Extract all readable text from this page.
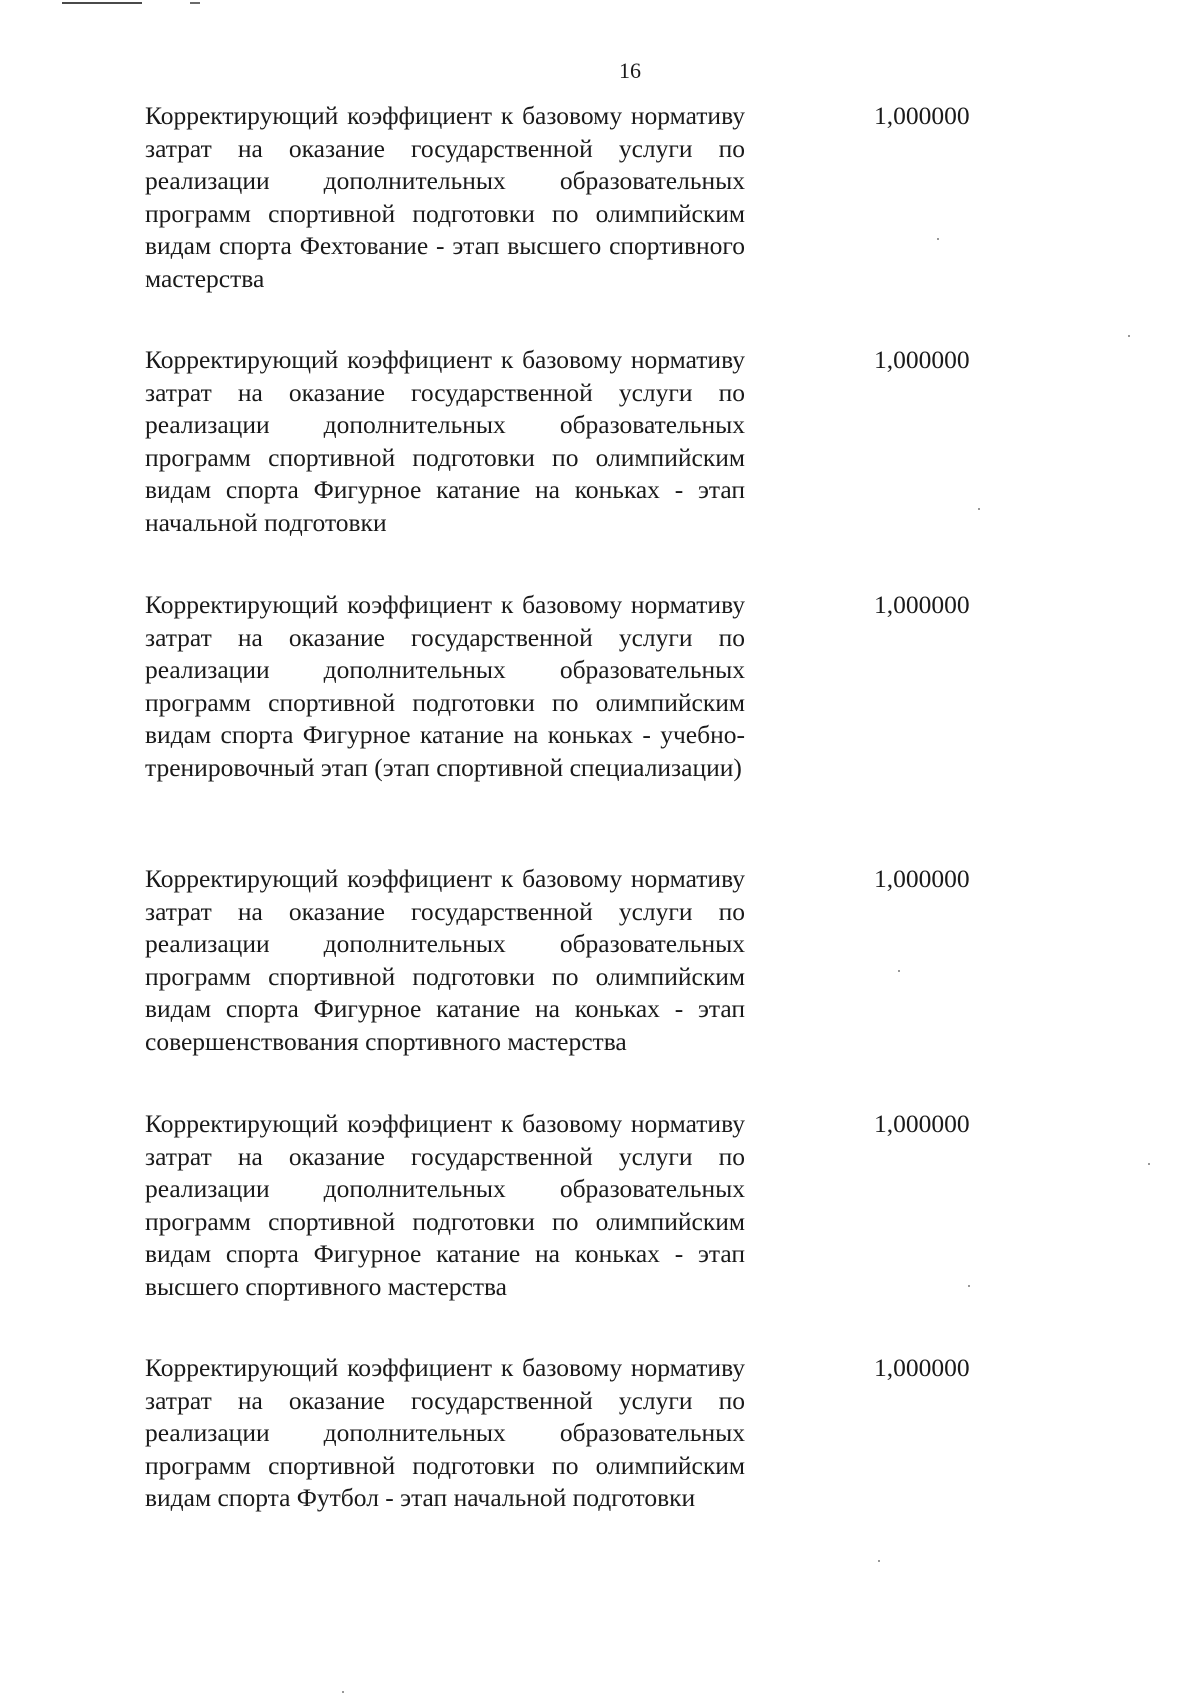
16
Корректирующий коэффициент к базовому нормативу затрат на оказание государственной услуги по реализации дополнительных образовательных программ спортивной подготовки по олимпийским видам спорта Фехтование - этап высшего спортивного мастерства
1,000000
Корректирующий коэффициент к базовому нормативу затрат на оказание государственной услуги по реализации дополнительных образовательных программ спортивной подготовки по олимпийским видам спорта Фигурное катание на коньках - этап начальной подготовки
1,000000
Корректирующий коэффициент к базовому нормативу затрат на оказание государственной услуги по реализации дополнительных образовательных программ спортивной подготовки по олимпийским видам спорта Фигурное катание на коньках - учебно-тренировочный этап (этап спортивной специализации)
1,000000
Корректирующий коэффициент к базовому нормативу затрат на оказание государственной услуги по реализации дополнительных образовательных программ спортивной подготовки по олимпийским видам спорта Фигурное катание на коньках - этап совершенствования спортивного мастерства
1,000000
Корректирующий коэффициент к базовому нормативу затрат на оказание государственной услуги по реализации дополнительных образовательных программ спортивной подготовки по олимпийским видам спорта Фигурное катание на коньках - этап высшего спортивного мастерства
1,000000
Корректирующий коэффициент к базовому нормативу затрат на оказание государственной услуги по реализации дополнительных образовательных программ спортивной подготовки по олимпийским видам спорта Футбол - этап начальной подготовки
1,000000
